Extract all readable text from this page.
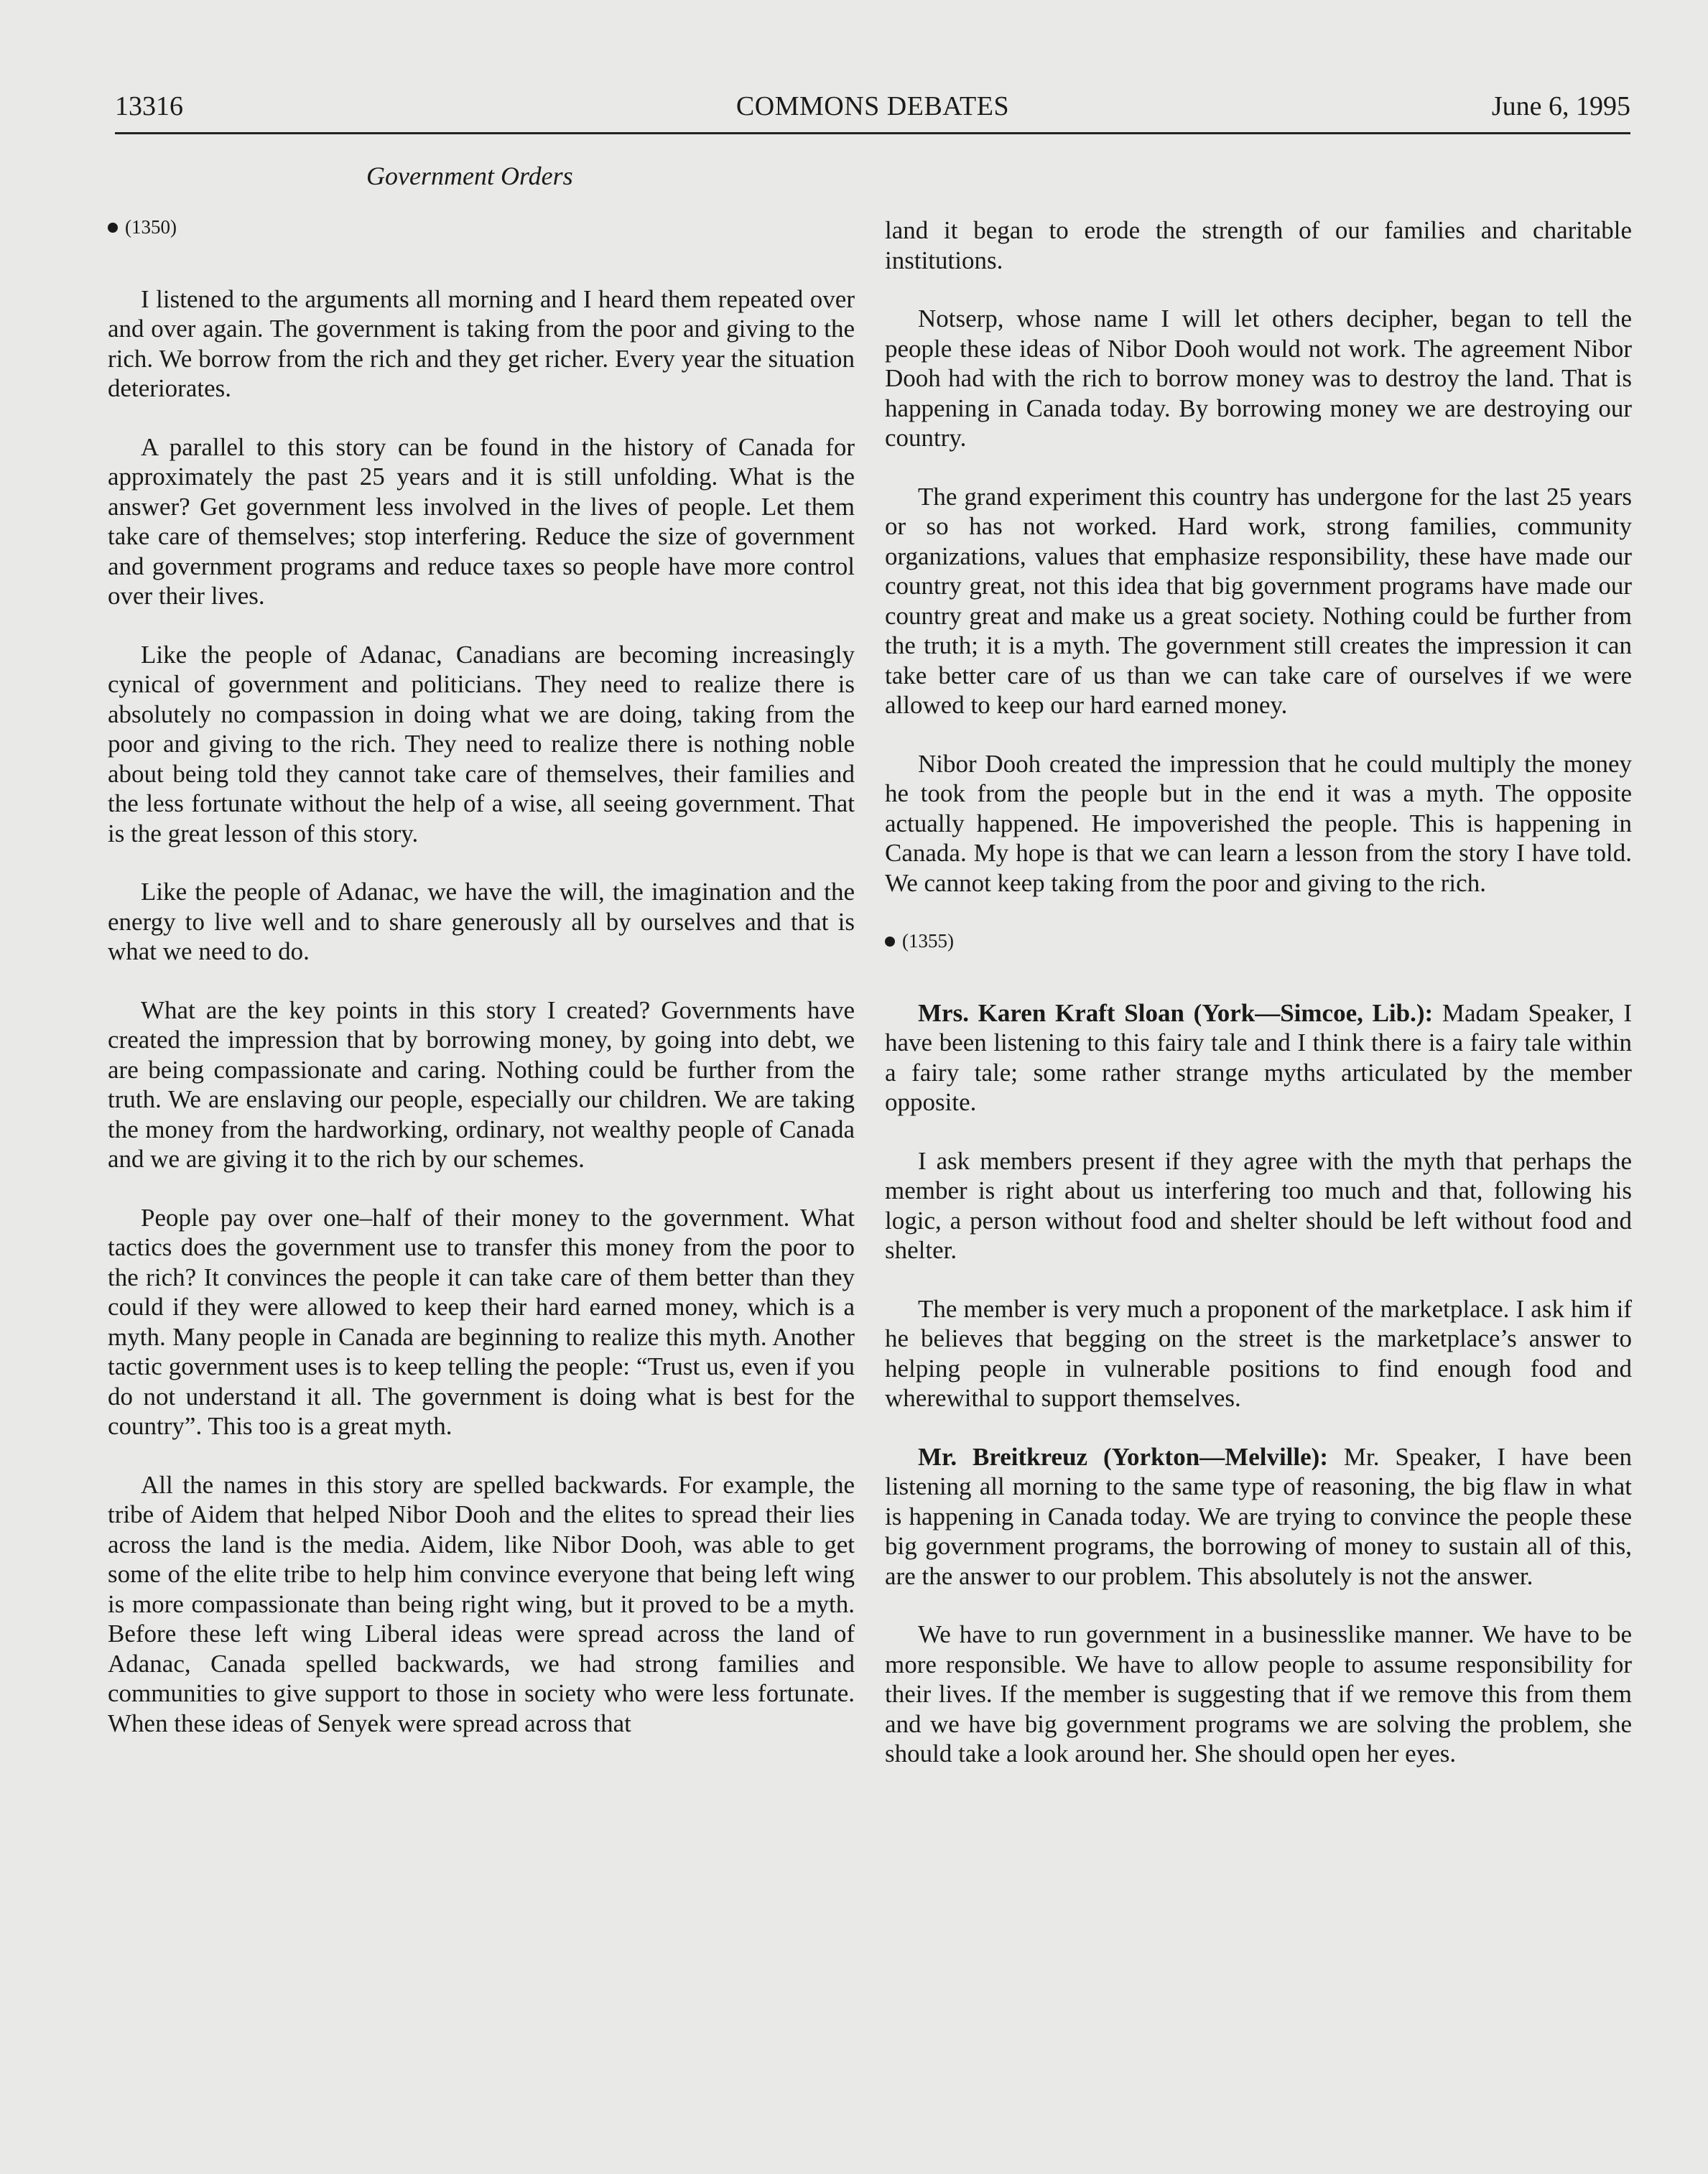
13316	COMMONS DEBATES	June 6, 1995
Government Orders
(1350)

I listened to the arguments all morning and I heard them repeated over and over again. The government is taking from the poor and giving to the rich. We borrow from the rich and they get richer. Every year the situation deteriorates.

A parallel to this story can be found in the history of Canada for approximately the past 25 years and it is still unfolding. What is the answer? Get government less involved in the lives of people. Let them take care of themselves; stop interfering. Reduce the size of government and government programs and reduce taxes so people have more control over their lives.

Like the people of Adanac, Canadians are becoming increasingly cynical of government and politicians. They need to realize there is absolutely no compassion in doing what we are doing, taking from the poor and giving to the rich. They need to realize there is nothing noble about being told they cannot take care of themselves, their families and the less fortunate without the help of a wise, all seeing government. That is the great lesson of this story.

Like the people of Adanac, we have the will, the imagination and the energy to live well and to share generously all by ourselves and that is what we need to do.

What are the key points in this story I created? Governments have created the impression that by borrowing money, by going into debt, we are being compassionate and caring. Nothing could be further from the truth. We are enslaving our people, especially our children. We are taking the money from the hardworking, ordinary, not wealthy people of Canada and we are giving it to the rich by our schemes.

People pay over one–half of their money to the government. What tactics does the government use to transfer this money from the poor to the rich? It convinces the people it can take care of them better than they could if they were allowed to keep their hard earned money, which is a myth. Many people in Canada are beginning to realize this myth. Another tactic government uses is to keep telling the people: “Trust us, even if you do not understand it all. The government is doing what is best for the country”. This too is a great myth.

All the names in this story are spelled backwards. For example, the tribe of Aidem that helped Nibor Dooh and the elites to spread their lies across the land is the media. Aidem, like Nibor Dooh, was able to get some of the elite tribe to help him convince everyone that being left wing is more compassionate than being right wing, but it proved to be a myth. Before these left wing Liberal ideas were spread across the land of Adanac, Canada spelled backwards, we had strong families and communities to give support to those in society who were less fortunate. When these ideas of Senyek were spread across that

land it began to erode the strength of our families and charitable institutions.

Notserp, whose name I will let others decipher, began to tell the people these ideas of Nibor Dooh would not work. The agreement Nibor Dooh had with the rich to borrow money was to destroy the land. That is happening in Canada today. By borrowing money we are destroying our country.

The grand experiment this country has undergone for the last 25 years or so has not worked. Hard work, strong families, community organizations, values that emphasize responsibility, these have made our country great, not this idea that big government programs have made our country great and make us a great society. Nothing could be further from the truth; it is a myth. The government still creates the impression it can take better care of us than we can take care of ourselves if we were allowed to keep our hard earned money.

Nibor Dooh created the impression that he could multiply the money he took from the people but in the end it was a myth. The opposite actually happened. He impoverished the people. This is happening in Canada. My hope is that we can learn a lesson from the story I have told. We cannot keep taking from the poor and giving to the rich.

(1355)

Mrs. Karen Kraft Sloan (York—Simcoe, Lib.): Madam Speaker, I have been listening to this fairy tale and I think there is a fairy tale within a fairy tale; some rather strange myths articulated by the member opposite.

I ask members present if they agree with the myth that perhaps the member is right about us interfering too much and that, following his logic, a person without food and shelter should be left without food and shelter.

The member is very much a proponent of the marketplace. I ask him if he believes that begging on the street is the marketplace’s answer to helping people in vulnerable positions to find enough food and wherewithal to support themselves.

Mr. Breitkreuz (Yorkton—Melville): Mr. Speaker, I have been listening all morning to the same type of reasoning, the big flaw in what is happening in Canada today. We are trying to convince the people these big government programs, the borrowing of money to sustain all of this, are the answer to our problem. This absolutely is not the answer.

We have to run government in a businesslike manner. We have to be more responsible. We have to allow people to assume responsibility for their lives. If the member is suggesting that if we remove this from them and we have big government programs we are solving the problem, she should take a look around her. She should open her eyes.
